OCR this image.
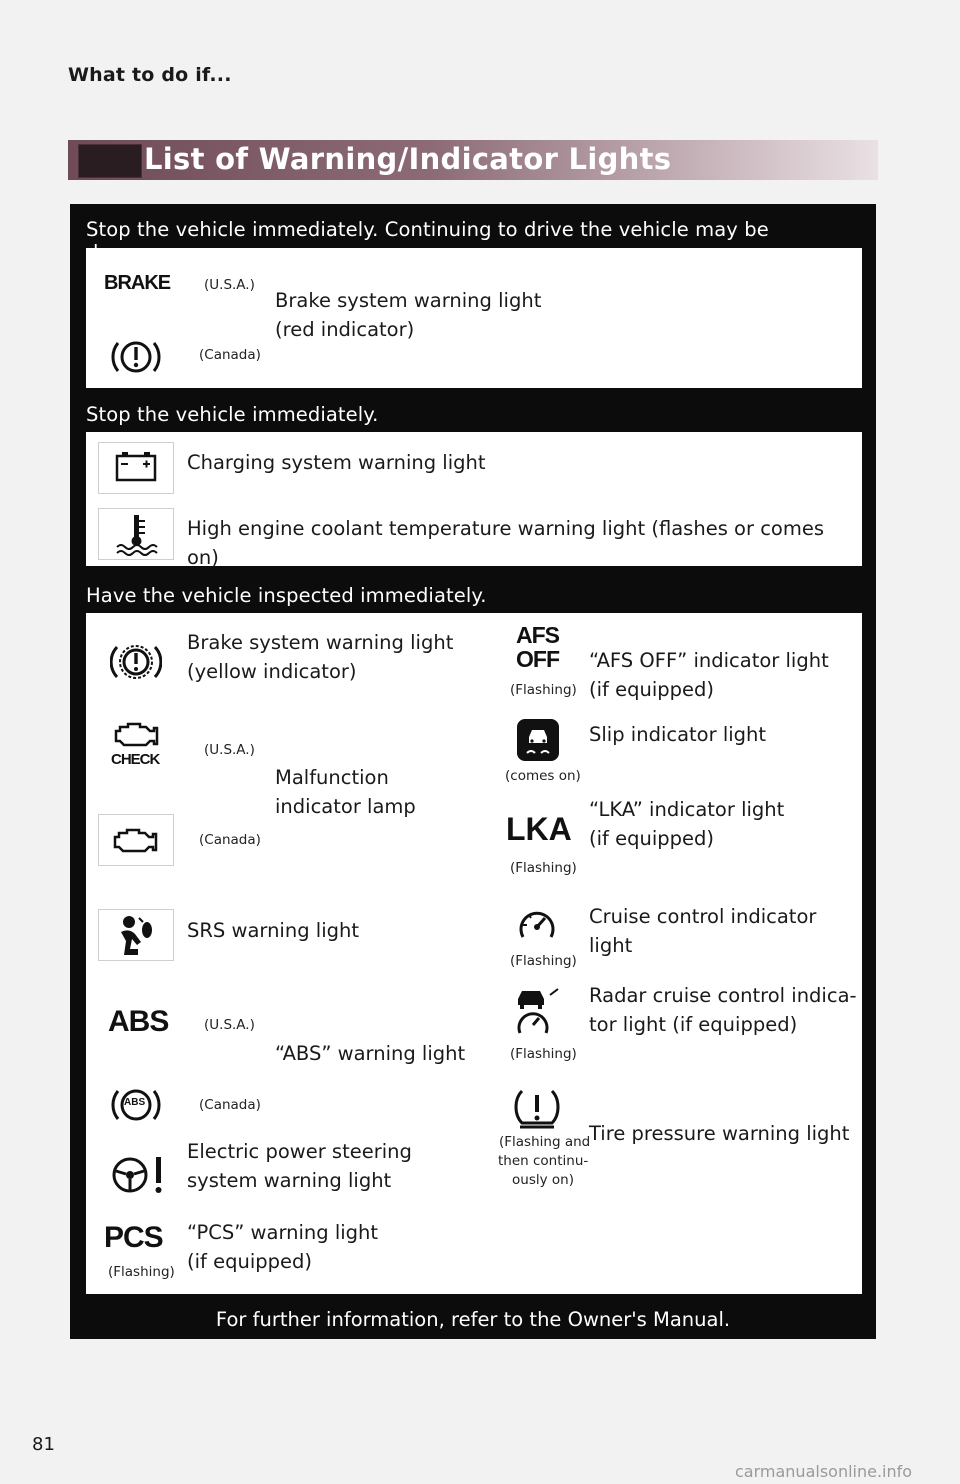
What to do if...
List of Warning/Indicator Lights
Stop the vehicle immediately. Continuing to drive the vehicle may be
BRAKE	(U.S.A.)
(Canada)
Brake system warning light
(red indicator)
Stop the vehicle immediately.
Charging system warning light
High engine coolant temperature warning light (flashes or comes on)
Have the vehicle inspected immediately.
Brake system warning light
(yellow indicator)
CHECK
(U.S.A.)
(Canada)
Malfunction
indicator lamp
SRS warning light
ABS	(U.S.A.)
ABS	(Canada)
“ABS” warning light
Electric power steering
system warning light
PCS
(Flashing)
“PCS” warning light
(if equipped)
AFS
OFF
(Flashing)
“AFS OFF” indicator light
(if equipped)
(comes on)
Slip indicator light
LKA
(Flashing)
“LKA” indicator light
(if equipped)
(Flashing)
Cruise control indicator light
(Flashing)
Radar cruise control indica-
tor light (if equipped)
(Flashing and
then continu-
ously on)
Tire pressure warning light
For further information, refer to the Owner's Manual.
81
carmanualsonline.info
